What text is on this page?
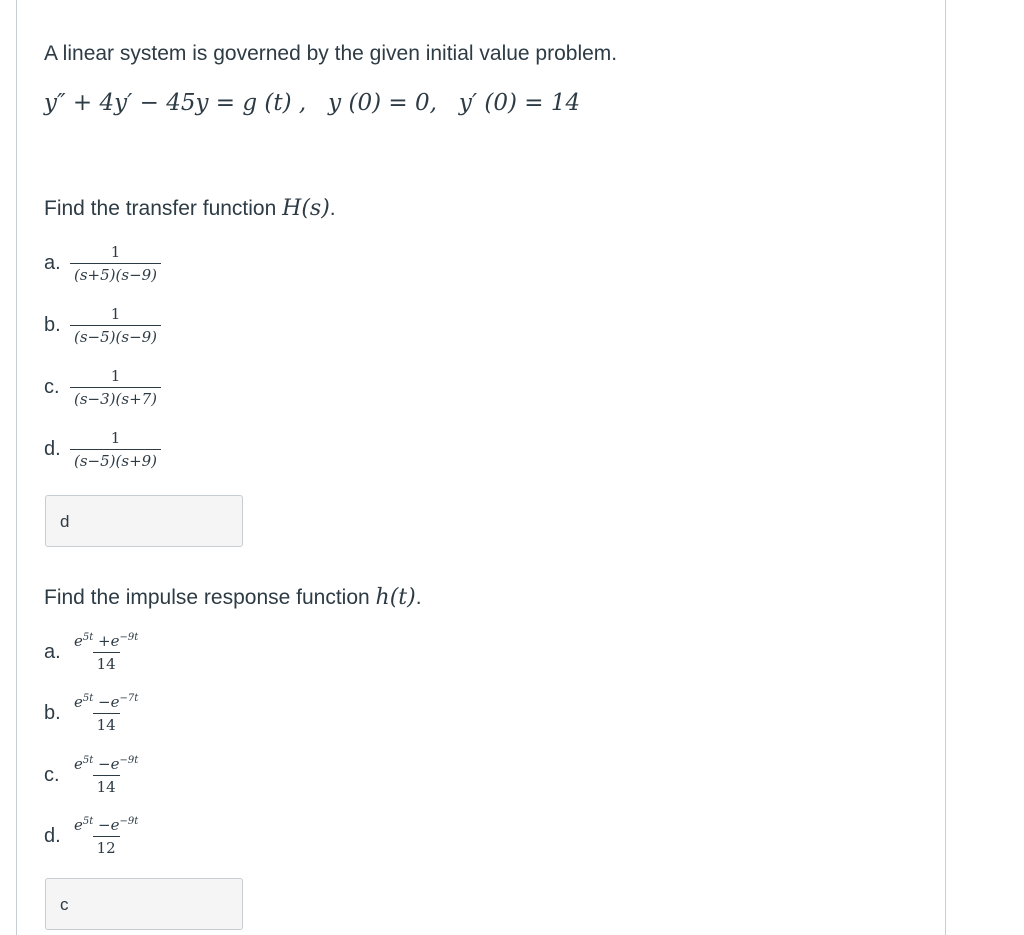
A linear system is governed by the given initial value problem.
y″ + 4y′ − 45y = g (t) , y (0) = 0, y′ (0) = 14
Find the transfer function H(s).
a. $\frac{1}{(s+5)(s-9)}$
b. $\frac{1}{(s-5)(s-9)}$
c. $\frac{1}{(s-3)(s+7)}$
d. $\frac{1}{(s-5)(s+9)}$
d
Find the impulse response function h(t).
a. $\frac{e^{5t} +e^{-9t}}{14}$
b. $\frac{e^{5t} -e^{-7t}}{14}$
c. $\frac{e^{5t} -e^{-9t}}{14}$
d. $\frac{e^{5t} -e^{-9t}}{12}$
c
